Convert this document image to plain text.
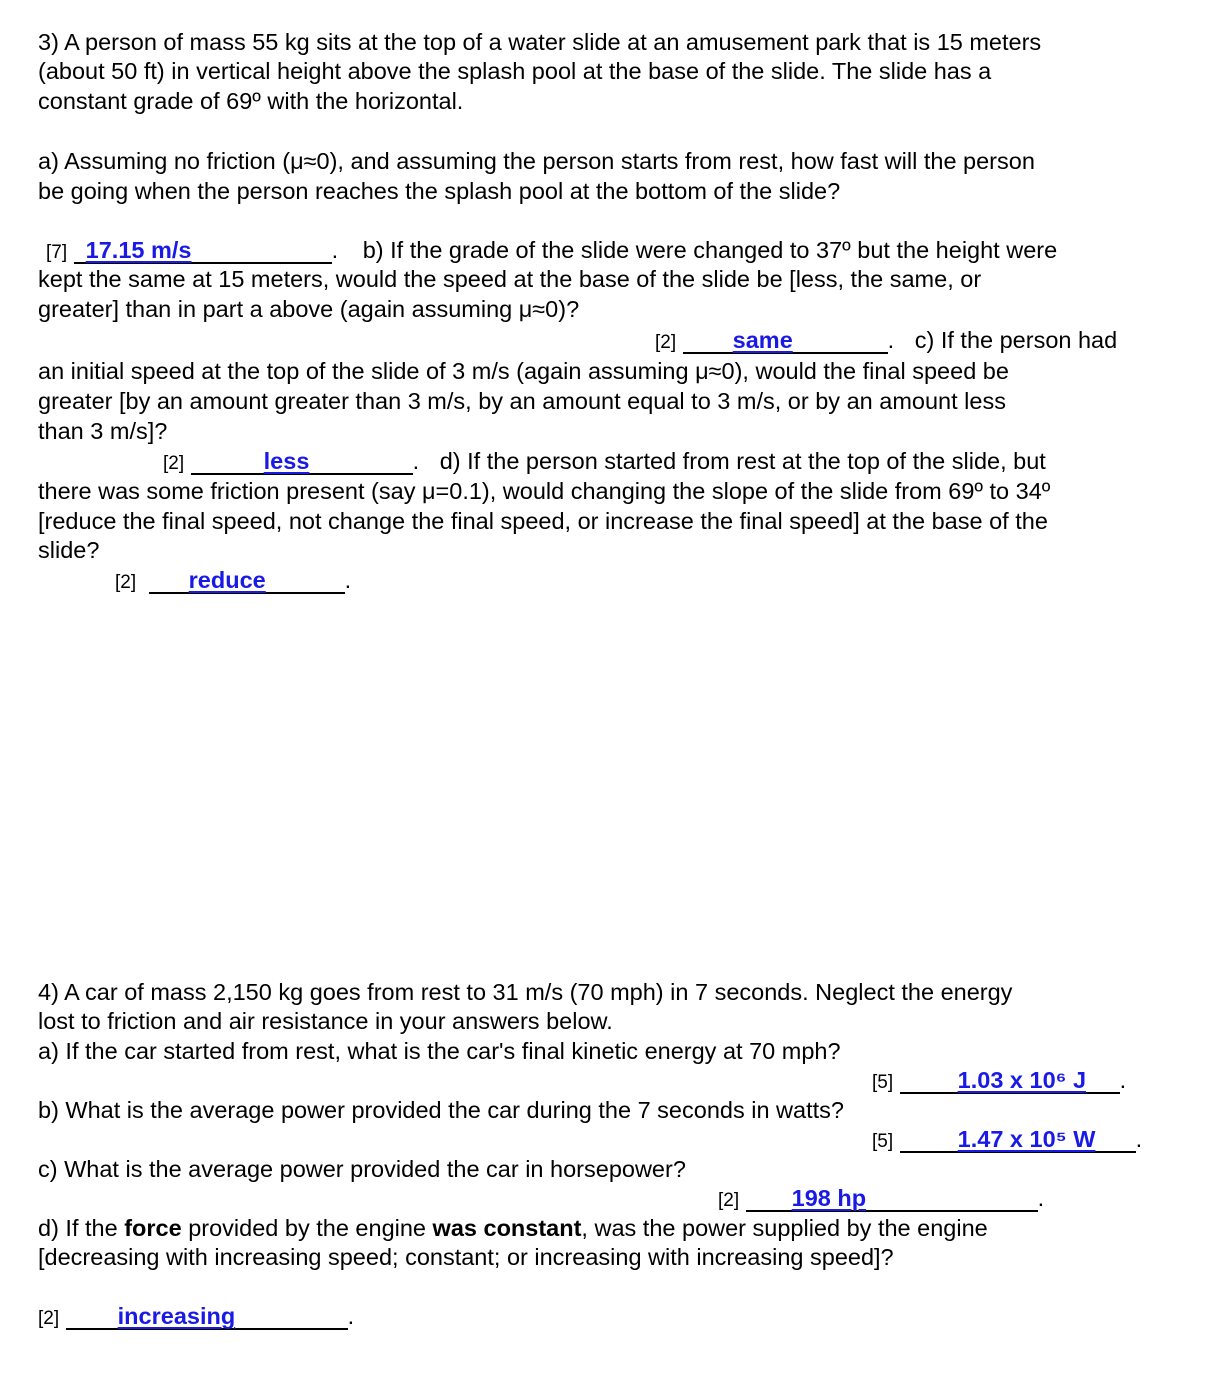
3) A person of mass 55 kg sits at the top of a water slide at an amusement park that is 15 meters
(about 50 ft) in vertical height above the splash pool at the base of the slide. The slide has a
constant grade of 69º with the horizontal.
a) Assuming no friction (μ≈0), and assuming the person starts from rest, how fast will the person
be going when the person reaches the splash pool at the bottom of the slide?
[7] 17.15 m/s	. b) If the grade of the slide were changed to 37º but the height were
kept the same at 15 meters, would the speed at the base of the slide be [less, the same, or
greater] than in part a above (again assuming μ≈0)?
[2] same	. c) If the person had
an initial speed at the top of the slide of 3 m/s (again assuming μ≈0), would the final speed be
greater [by an amount greater than 3 m/s, by an amount equal to 3 m/s, or by an amount less
than 3 m/s]?
[2]	less	. d) If the person started from rest at the top of the slide, but
there was some friction present (say μ=0.1), would changing the slope of the slide from 69º to 34º
[reduce the final speed, not change the final speed, or increase the final speed] at the base of the
slide?
[2] reduce	.
4) A car of mass 2,150 kg goes from rest to 31 m/s (70 mph) in 7 seconds. Neglect the energy
lost to friction and air resistance in your answers below.
a) If the car started from rest, what is the car's final kinetic energy at 70 mph?
[5]	1.03 x 10⁶ J .
b) What is the average power provided the car during the 7 seconds in watts?
[5]	1.47 x 10⁵ W .
c) What is the average power provided the car in horsepower?
[2] 198 hp	.
d) If the force provided by the engine was constant, was the power supplied by the engine
[decreasing with increasing speed; constant; or increasing with increasing speed]?
[2] increasing	.
